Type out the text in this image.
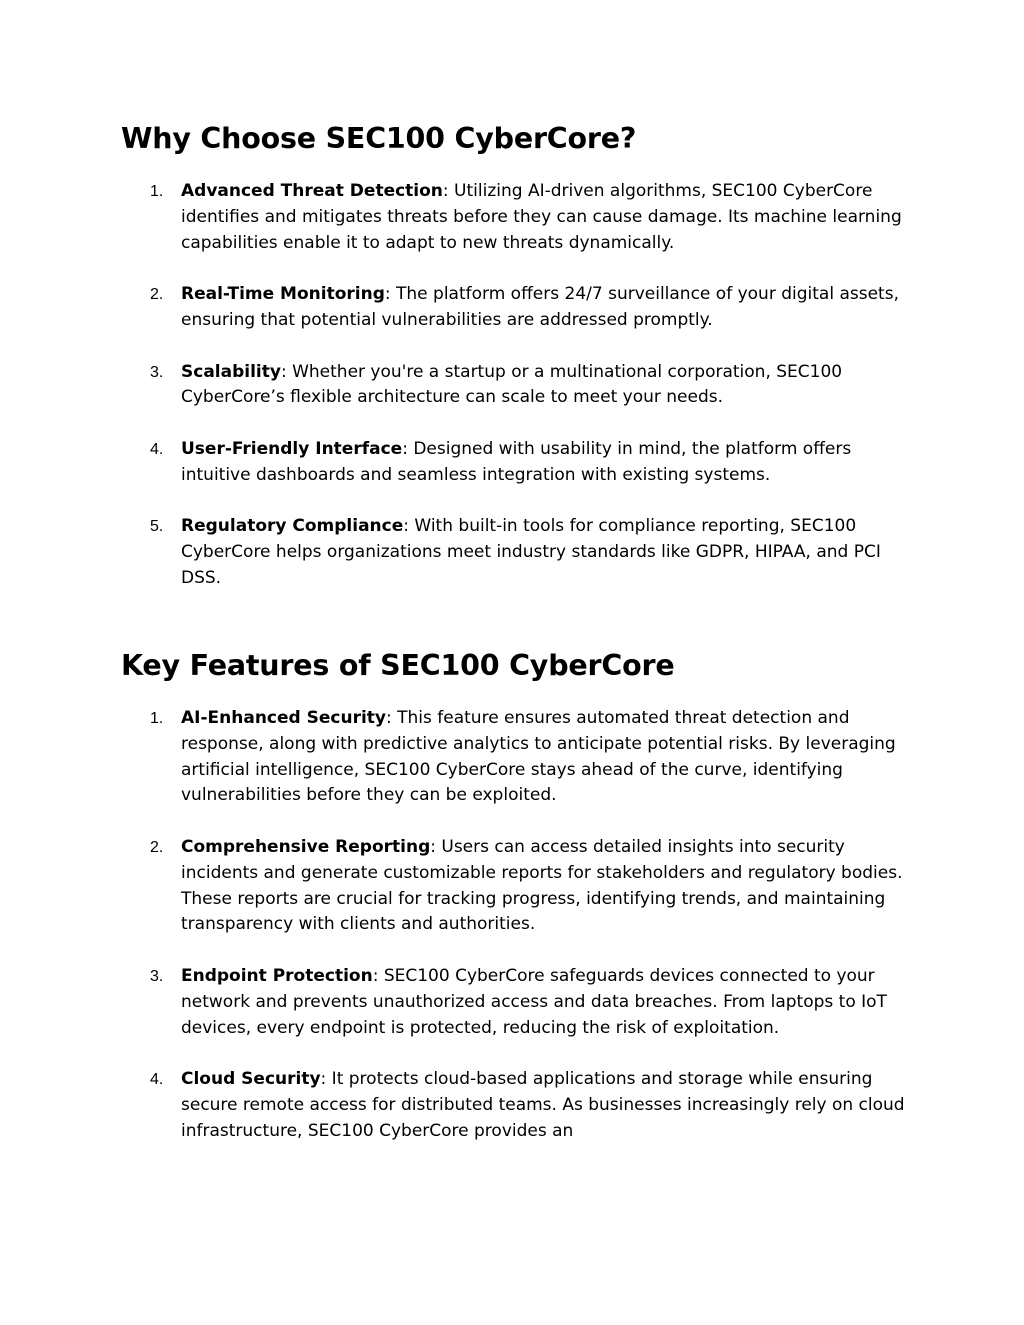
Why Choose SEC100 CyberCore?
1. Advanced Threat Detection: Utilizing AI-driven algorithms, SEC100 CyberCore identifies and mitigates threats before they can cause damage. Its machine learning capabilities enable it to adapt to new threats dynamically.
2. Real-Time Monitoring: The platform offers 24/7 surveillance of your digital assets, ensuring that potential vulnerabilities are addressed promptly.
3. Scalability: Whether you're a startup or a multinational corporation, SEC100 CyberCore’s flexible architecture can scale to meet your needs.
4. User-Friendly Interface: Designed with usability in mind, the platform offers intuitive dashboards and seamless integration with existing systems.
5. Regulatory Compliance: With built-in tools for compliance reporting, SEC100 CyberCore helps organizations meet industry standards like GDPR, HIPAA, and PCI DSS.
Key Features of SEC100 CyberCore
1. AI-Enhanced Security: This feature ensures automated threat detection and response, along with predictive analytics to anticipate potential risks. By leveraging artificial intelligence, SEC100 CyberCore stays ahead of the curve, identifying vulnerabilities before they can be exploited.
2. Comprehensive Reporting: Users can access detailed insights into security incidents and generate customizable reports for stakeholders and regulatory bodies. These reports are crucial for tracking progress, identifying trends, and maintaining transparency with clients and authorities.
3. Endpoint Protection: SEC100 CyberCore safeguards devices connected to your network and prevents unauthorized access and data breaches. From laptops to IoT devices, every endpoint is protected, reducing the risk of exploitation.
4. Cloud Security: It protects cloud-based applications and storage while ensuring secure remote access for distributed teams. As businesses increasingly rely on cloud infrastructure, SEC100 CyberCore provides an
